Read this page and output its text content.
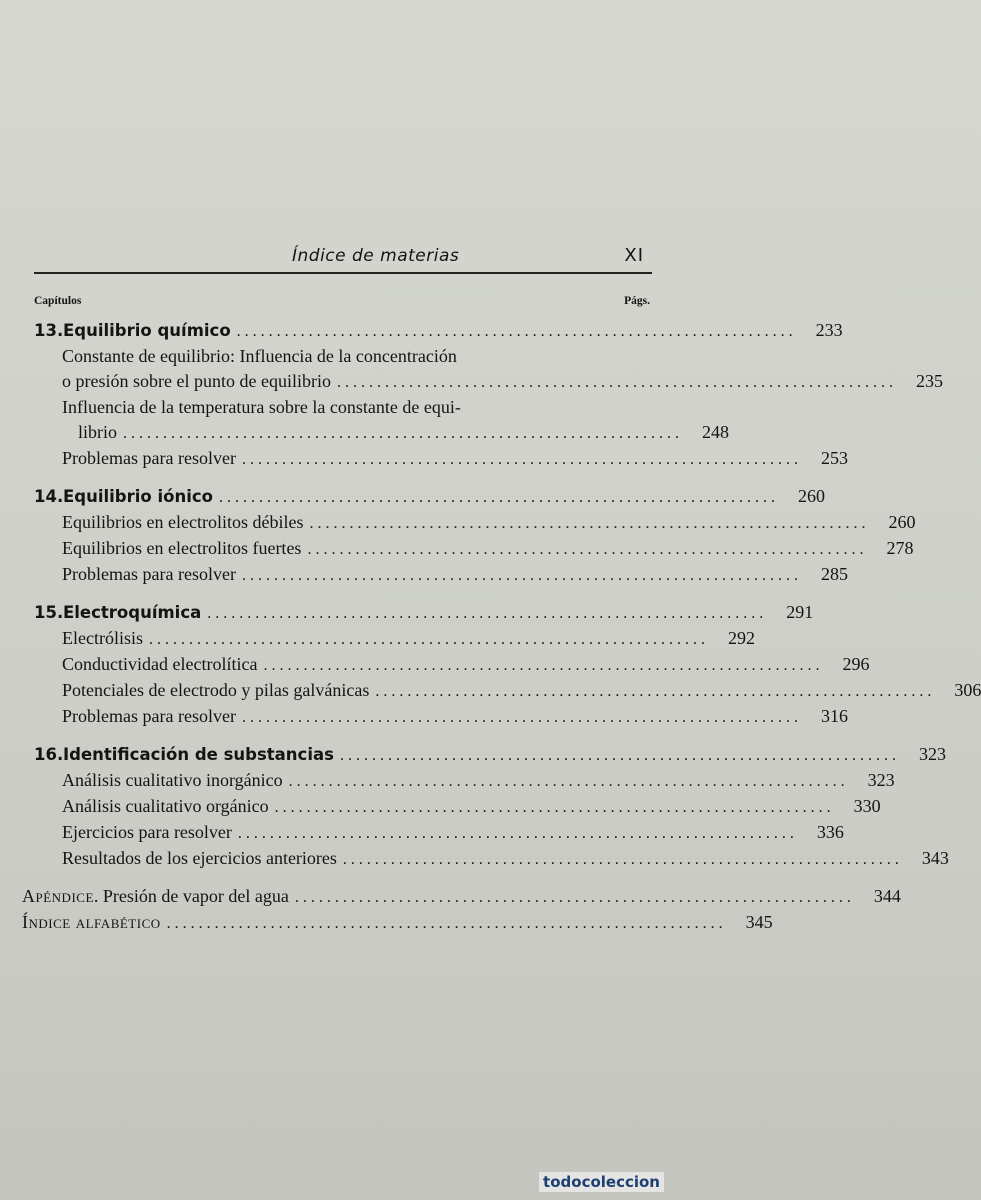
Índice de materias	XI
Capítulos	Págs.
13. Equilibrio químico ......................................................................	233
Constante de equilibrio: Influencia de la concentración
o presión sobre el punto de equilibrio ......................................................................	235
Influencia de la temperatura sobre la constante de equi-
librio ......................................................................	248
Problemas para resolver ......................................................................	253
14. Equilibrio iónico ......................................................................	260
Equilibrios en electrolitos débiles ......................................................................	260
Equilibrios en electrolitos fuertes ......................................................................	278
Problemas para resolver ......................................................................	285
15. Electroquímica ......................................................................	291
Electrólisis ......................................................................	292
Conductividad electrolítica ......................................................................	296
Potenciales de electrodo y pilas galvánicas ......................................................................	306
Problemas para resolver ......................................................................	316
16. Identificación de substancias ......................................................................	323
Análisis cualitativo inorgánico ......................................................................	323
Análisis cualitativo orgánico ......................................................................	330
Ejercicios para resolver ......................................................................	336
Resultados de los ejercicios anteriores ......................................................................	343
Apéndice. Presión de vapor del agua ......................................................................	344
Índice alfabético ......................................................................	345
todocoleccion
